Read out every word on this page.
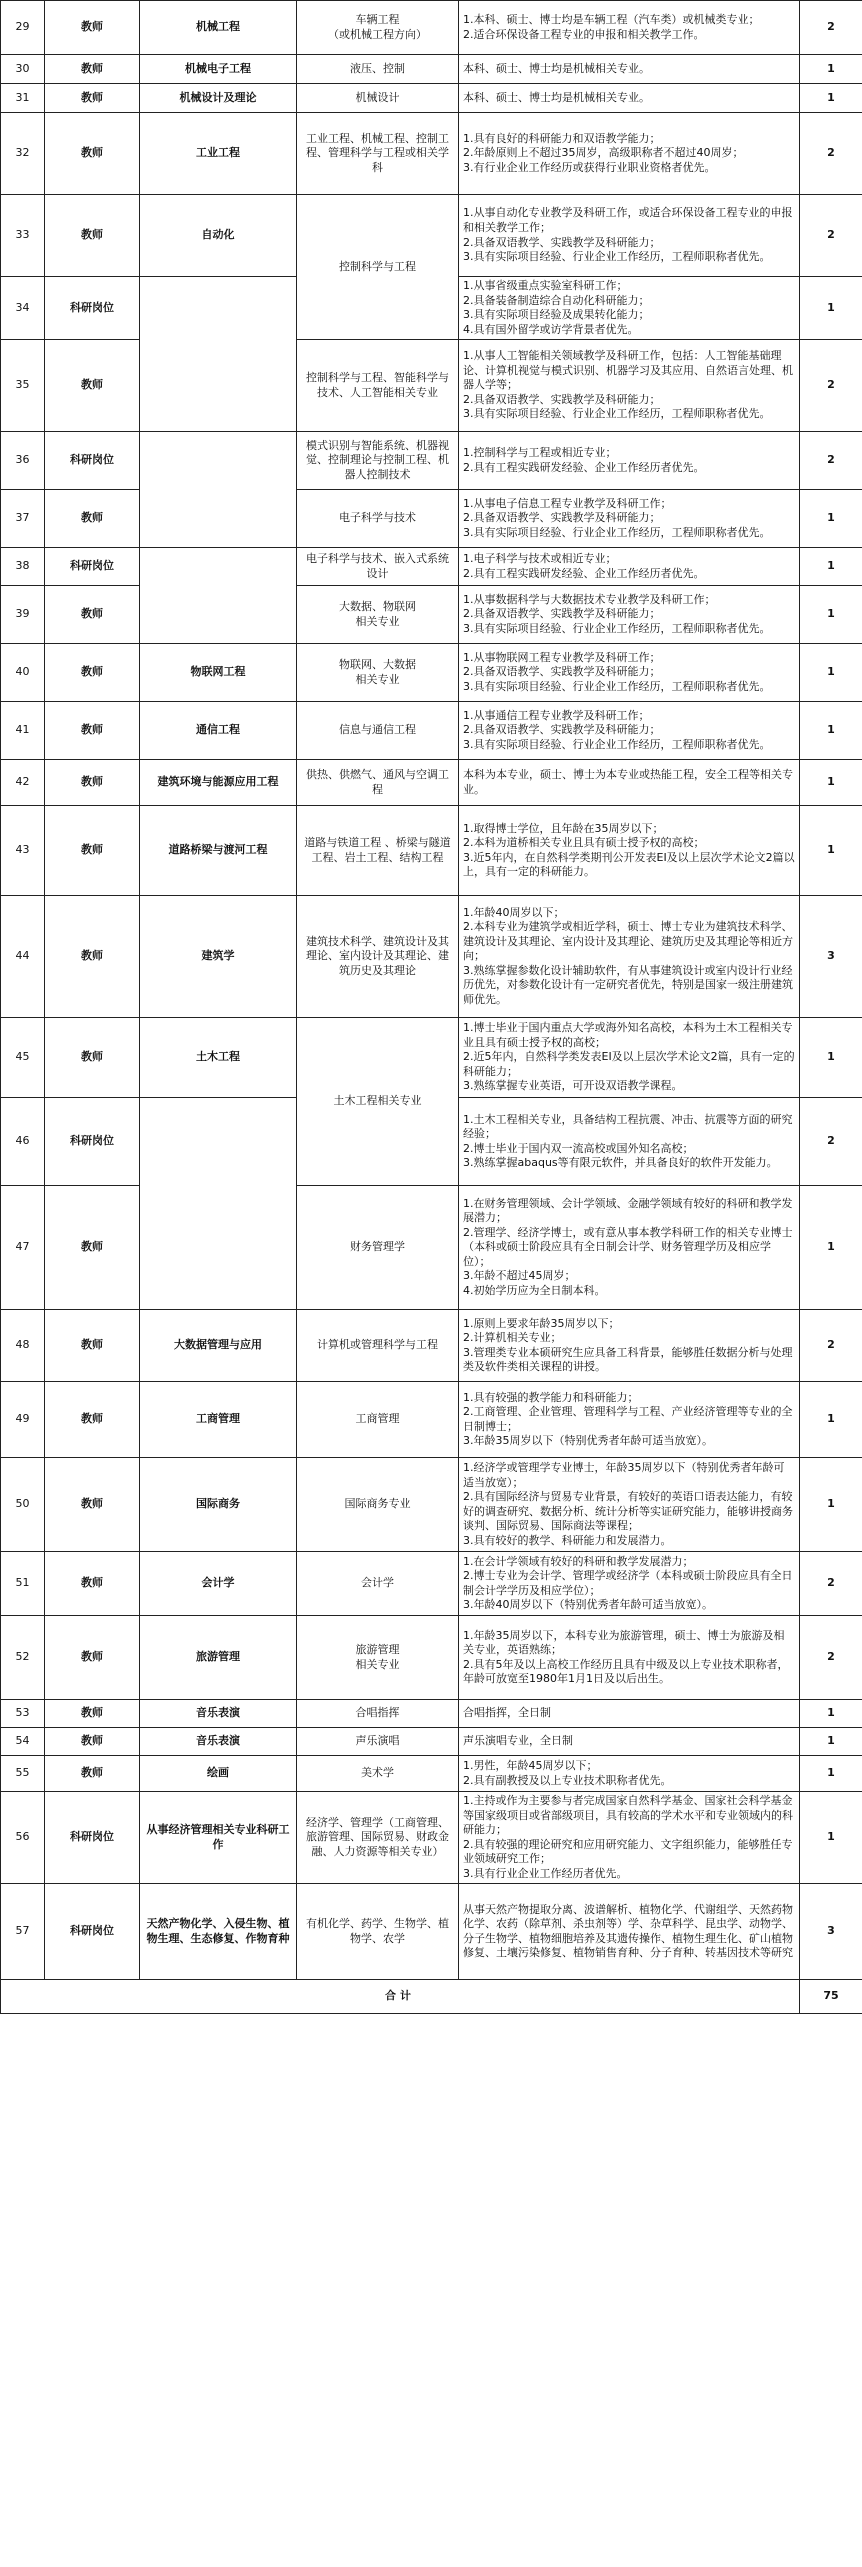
29	教师	机械工程	车辆工程
（或机械工程方向）	1.本科、硕士、博士均是车辆工程（汽车类）或机械类专业；
2.适合环保设备工程专业的申报和相关教学工作。	2
30	教师	机械电子工程	液压、控制	本科、硕士、博士均是机械相关专业。	1
31	教师	机械设计及理论	机械设计	本科、硕士、博士均是机械相关专业。	1
32	教师	工业工程	工业工程、机械工程、控制工程、管理科学与工程或相关学科	1.具有良好的科研能力和双语教学能力；
2.年龄原则上不超过35周岁，高级职称者不超过40周岁；
3.有行业企业工作经历或获得行业职业资格者优先。	2
33	教师	自动化	控制科学与工程	1.从事自动化专业教学及科研工作，或适合环保设备工程专业的申报和相关教学工作；
2.具备双语教学、实践教学及科研能力；
3.具有实际项目经验、行业企业工作经历，工程师职称者优先。	2
34	科研岗位			1.从事省级重点实验室科研工作；
2.具备装备制造综合自动化科研能力；
3.具有实际项目经验及成果转化能力；
4.具有国外留学或访学背景者优先。	1
35	教师		控制科学与工程、智能科学与技术、人工智能相关专业	1.从事人工智能相关领域教学及科研工作，包括：人工智能基础理论、计算机视觉与模式识别、机器学习及其应用、自然语言处理、机器人学等；
2.具备双语教学、实践教学及科研能力；
3.具有实际项目经验、行业企业工作经历，工程师职称者优先。	2
36	科研岗位		模式识别与智能系统、机器视觉、控制理论与控制工程、机器人控制技术	1.控制科学与工程或相近专业；
2.具有工程实践研发经验、企业工作经历者优先。	2
37	教师		电子科学与技术	1.从事电子信息工程专业教学及科研工作；
2.具备双语教学、实践教学及科研能力；
3.具有实际项目经验、行业企业工作经历，工程师职称者优先。	1
38	科研岗位		电子科学与技术、嵌入式系统设计	1.电子科学与技术或相近专业；
2.具有工程实践研发经验、企业工作经历者优先。	1
39	教师		大数据、物联网
相关专业	1.从事数据科学与大数据技术专业教学及科研工作；
2.具备双语教学、实践教学及科研能力；
3.具有实际项目经验、行业企业工作经历，工程师职称者优先。	1
40	教师	物联网工程	物联网、大数据
相关专业	1.从事物联网工程专业教学及科研工作；
2.具备双语教学、实践教学及科研能力；
3.具有实际项目经验、行业企业工作经历，工程师职称者优先。	1
41	教师	通信工程	信息与通信工程	1.从事通信工程专业教学及科研工作；
2.具备双语教学、实践教学及科研能力；
3.具有实际项目经验、行业企业工作经历，工程师职称者优先。	1
42	教师	建筑环境与能源应用工程	供热、供燃气、通风与空调工程	本科为本专业，硕士、博士为本专业或热能工程，安全工程等相关专业。	1
43	教师	道路桥梁与渡河工程	道路与铁道工程 、桥梁与隧道工程、岩土工程、结构工程	1.取得博士学位，且年龄在35周岁以下；
2.本科为道桥相关专业且具有硕士授予权的高校；
3.近5年内，在自然科学类期刊公开发表EI及以上层次学术论文2篇以上，具有一定的科研能力。	1
44	教师	建筑学	建筑技术科学、建筑设计及其理论、室内设计及其理论、建筑历史及其理论	1.年龄40周岁以下；
2.本科专业为建筑学或相近学科，硕士、博士专业为建筑技术科学、建筑设计及其理论、室内设计及其理论、建筑历史及其理论等相近方向；
3.熟练掌握参数化设计辅助软件，有从事建筑设计或室内设计行业经历优先，对参数化设计有一定研究者优先，特别是国家一级注册建筑师优先。	3
45	教师	土木工程	土木工程相关专业	1.博士毕业于国内重点大学或海外知名高校，本科为土木工程相关专业且具有硕士授予权的高校；
2.近5年内，自然科学类发表EI及以上层次学术论文2篇，具有一定的科研能力；
3.熟练掌握专业英语，可开设双语教学课程。	1
46	科研岗位			1.土木工程相关专业，具备结构工程抗震、冲击、抗震等方面的研究经验；
2.博士毕业于国内双一流高校或国外知名高校；
3.熟练掌握abaqus等有限元软件，并具备良好的软件开发能力。	2
47	教师		财务管理学	1.在财务管理领域、会计学领域、金融学领域有较好的科研和教学发展潜力；
2.管理学、经济学博士，或有意从事本教学科研工作的相关专业博士（本科或硕士阶段应具有全日制会计学、财务管理学历及相应学位）；
3.年龄不超过45周岁；
4.初始学历应为全日制本科。	1
48	教师	大数据管理与应用	计算机或管理科学与工程	1.原则上要求年龄35周岁以下；
2.计算机相关专业；
3.管理类专业本硕研究生应具备工科背景，能够胜任数据分析与处理类及软件类相关课程的讲授。	2
49	教师	工商管理	工商管理	1.具有较强的教学能力和科研能力；
2.工商管理、企业管理、管理科学与工程、产业经济管理等专业的全日制博士；
3.年龄35周岁以下（特别优秀者年龄可适当放宽）。	1
50	教师	国际商务	国际商务专业	1.经济学或管理学专业博士，年龄35周岁以下（特别优秀者年龄可适当放宽）；
2.具有国际经济与贸易专业背景，有较好的英语口语表达能力，有较好的调查研究、数据分析、统计分析等实证研究能力，能够讲授商务谈判、国际贸易、国际商法等课程；
3.具有较好的教学、科研能力和发展潜力。	1
51	教师	会计学	会计学	1.在会计学领域有较好的科研和教学发展潜力；
2.博士专业为会计学、管理学或经济学（本科或硕士阶段应具有全日制会计学学历及相应学位）；
3.年龄40周岁以下（特别优秀者年龄可适当放宽）。	2
52	教师	旅游管理	旅游管理
相关专业	1.年龄35周岁以下，本科专业为旅游管理，硕士、博士为旅游及相关专业，英语熟练；
2.具有5年及以上高校工作经历且具有中级及以上专业技术职称者，年龄可放宽至1980年1月1日及以后出生。	2
53	教师	音乐表演	合唱指挥	合唱指挥，全日制	1
54	教师	音乐表演	声乐演唱	声乐演唱专业，全日制	1
55	教师	绘画	美术学	1.男性，年龄45周岁以下；
2.具有副教授及以上专业技术职称者优先。	1
56	科研岗位	从事经济管理相关专业科研工作	经济学、管理学（工商管理、旅游管理、国际贸易、财政金融、人力资源等相关专业）	1.主持或作为主要参与者完成国家自然科学基金、国家社会科学基金等国家级项目或省部级项目，具有较高的学术水平和专业领域内的科研能力；
2.具有较强的理论研究和应用研究能力、文字组织能力，能够胜任专业领域研究工作；
3.具有行业企业工作经历者优先。	1
57	科研岗位	天然产物化学、入侵生物、植物生理、生态修复、作物育种	有机化学、药学、生物学、植物学、农学	从事天然产物提取分离、波谱解析、植物化学、代谢组学、天然药物化学、农药（除草剂、杀虫剂等）学、杂草科学、昆虫学、动物学、分子生物学、植物细胞培养及其遗传操作、植物生理生化、矿山植物修复、土壤污染修复、植物销售育种、分子育种、转基因技术等研究	3
合计					75
